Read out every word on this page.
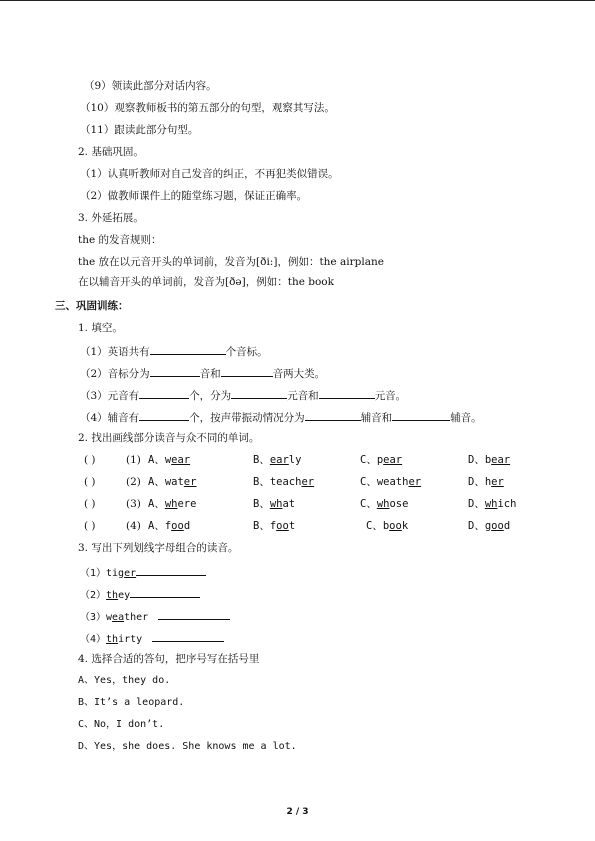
（9）领读此部分对话内容。
（10）观察教师板书的第五部分的句型，观察其写法。
（11）跟读此部分句型。
2. 基础巩固。
（1）认真听教师对自己发音的纠正，不再犯类似错误。
（2）做教师课件上的随堂练习题，保证正确率。
3. 外延拓展。
the 的发音规则：
the 放在以元音开头的单词前，发音为[ði:]，例如：the airplane
在以辅音开头的单词前，发音为[ðə]，例如：the book
三、巩固训练：
1. 填空。
（1）英语共有	个音标。
（2）音标分为	音和	音两大类。
（3）元音有	个，分为	元音和	元音。
（4）辅音有	个，按声带振动情况分为	辅音和	辅音。
2. 找出画线部分读音与众不同的单词。
( )	(1) A、wear	B、early	C、pear	D、bear
( )	(2) A、water	B、teacher	C、weather	D、her
( )	(3) A、where	B、what	C、whose	D、which
( )	(4) A、food	B、foot	C、book	D、good
3. 写出下列划线字母组合的读音。
（1）tiger
（2）they
（3）weather
（4）thirty
4. 选择合适的答句，把序号写在括号里
A、Yes，they do.
B、It’s a leopard.
C、No，I don’t.
D、Yes，she does. She knows me a lot.
2 / 3
